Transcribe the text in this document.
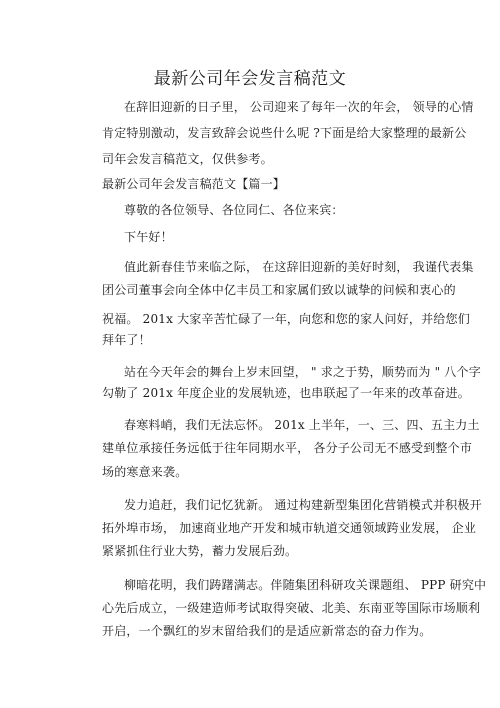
最新公司年会发言稿范文
在辞旧迎新的日子里， 公司迎来了每年一次的年会， 领导的心情
肯定特别激动，发言致辞会说些什么呢 ?下面是给大家整理的最新公
司年会发言稿范文，仅供参考。
最新公司年会发言稿范文【篇一】
尊敬的各位领导、各位同仁、各位来宾：
下午好！
值此新春佳节来临之际， 在这辞旧迎新的美好时刻， 我谨代表集
团公司董事会向全体中亿丰员工和家属们致以诚挚的问候和衷心的
祝福。 201x 大家辛苦忙碌了一年，向您和您的家人问好，并给您们
拜年了！
站在今天年会的舞台上岁末回望， " 求之于势，顺势而为 " 八个字
勾勒了 201x 年度企业的发展轨迹，也串联起了一年来的改革奋进。
春寒料峭，我们无法忘怀。 201x 上半年，一、三、四、五主力土
建单位承接任务远低于往年同期水平， 各分子公司无不感受到整个市
场的寒意来袭。
发力追赶，我们记忆犹新。 通过构建新型集团化营销模式并积极开
拓外埠市场， 加速商业地产开发和城市轨道交通领域跨业发展， 企业
紧紧抓住行业大势，蓄力发展后劲。
柳暗花明，我们踌躇满志。伴随集团科研攻关课题组、 PPP 研究中
心先后成立，一级建造师考试取得突破、北美、东南亚等国际市场顺利
开启，一个飘红的岁末留给我们的是适应新常态的奋力作为。
